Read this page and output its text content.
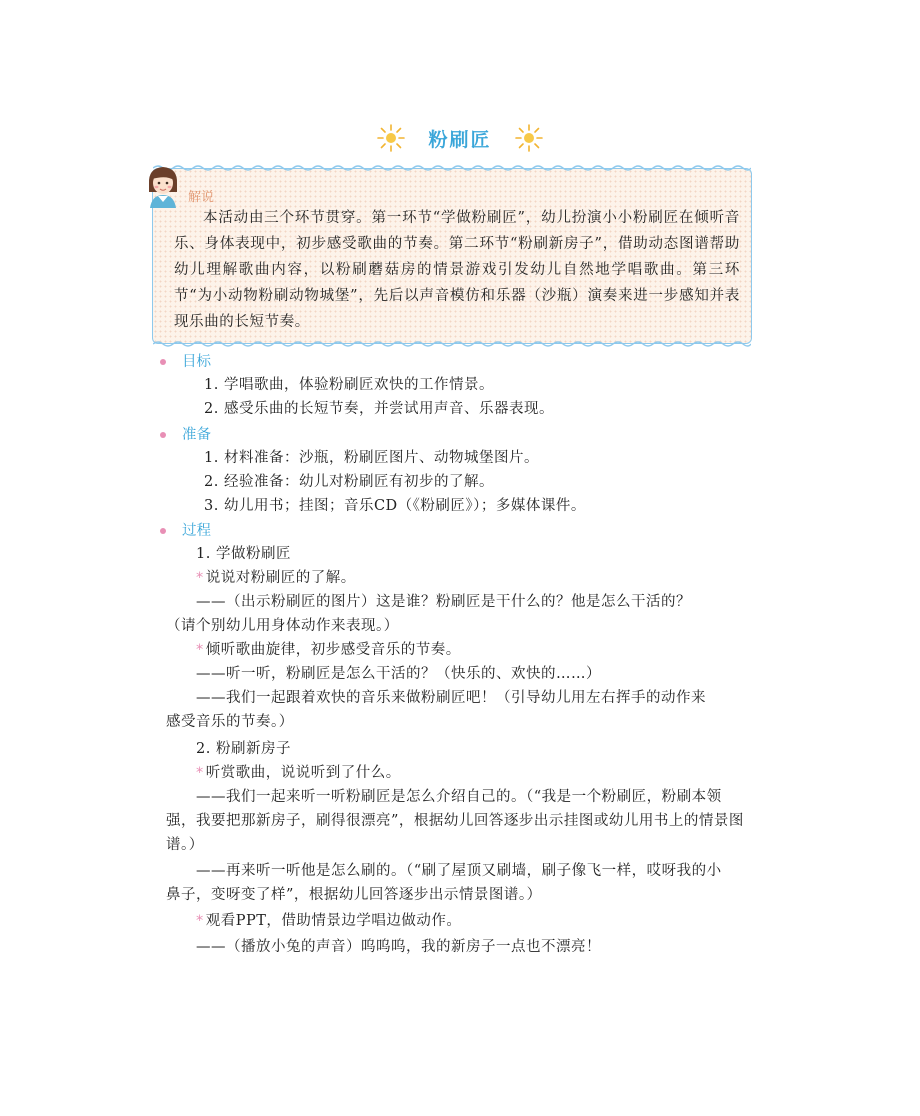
粉刷匠
解说
本活动由三个环节贯穿。第一环节“学做粉刷匠”，幼儿扮演小小粉刷匠在倾听音乐、身体表现中，初步感受歌曲的节奏。第二环节“粉刷新房子”，借助动态图谱帮助幼儿理解歌曲内容，以粉刷蘑菇房的情景游戏引发幼儿自然地学唱歌曲。第三环节“为小动物粉刷动物城堡”，先后以声音模仿和乐器（沙瓶）演奏来进一步感知并表现乐曲的长短节奏。
目标
1. 学唱歌曲，体验粉刷匠欢快的工作情景。
2. 感受乐曲的长短节奏，并尝试用声音、乐器表现。
准备
1. 材料准备：沙瓶，粉刷匠图片、动物城堡图片。
2. 经验准备：幼儿对粉刷匠有初步的了解。
3. 幼儿用书；挂图；音乐CD（《粉刷匠》）；多媒体课件。
过程
1. 学做粉刷匠
* 说说对粉刷匠的了解。
——（出示粉刷匠的图片）这是谁？粉刷匠是干什么的？他是怎么干活的？
（请个别幼儿用身体动作来表现。）
* 倾听歌曲旋律，初步感受音乐的节奏。
——听一听，粉刷匠是怎么干活的？（快乐的、欢快的……）
——我们一起跟着欢快的音乐来做粉刷匠吧！（引导幼儿用左右挥手的动作来
感受音乐的节奏。）
2. 粉刷新房子
* 听赏歌曲，说说听到了什么。
——我们一起来听一听粉刷匠是怎么介绍自己的。（“我是一个粉刷匠，粉刷本领
强，我要把那新房子，刷得很漂亮”，根据幼儿回答逐步出示挂图或幼儿用书上的情景图
谱。）
——再来听一听他是怎么刷的。（“刷了屋顶又刷墙，刷子像飞一样，哎呀我的小
鼻子，变呀变了样”，根据幼儿回答逐步出示情景图谱。）
* 观看PPT，借助情景边学唱边做动作。
——（播放小兔的声音）呜呜呜，我的新房子一点也不漂亮！
